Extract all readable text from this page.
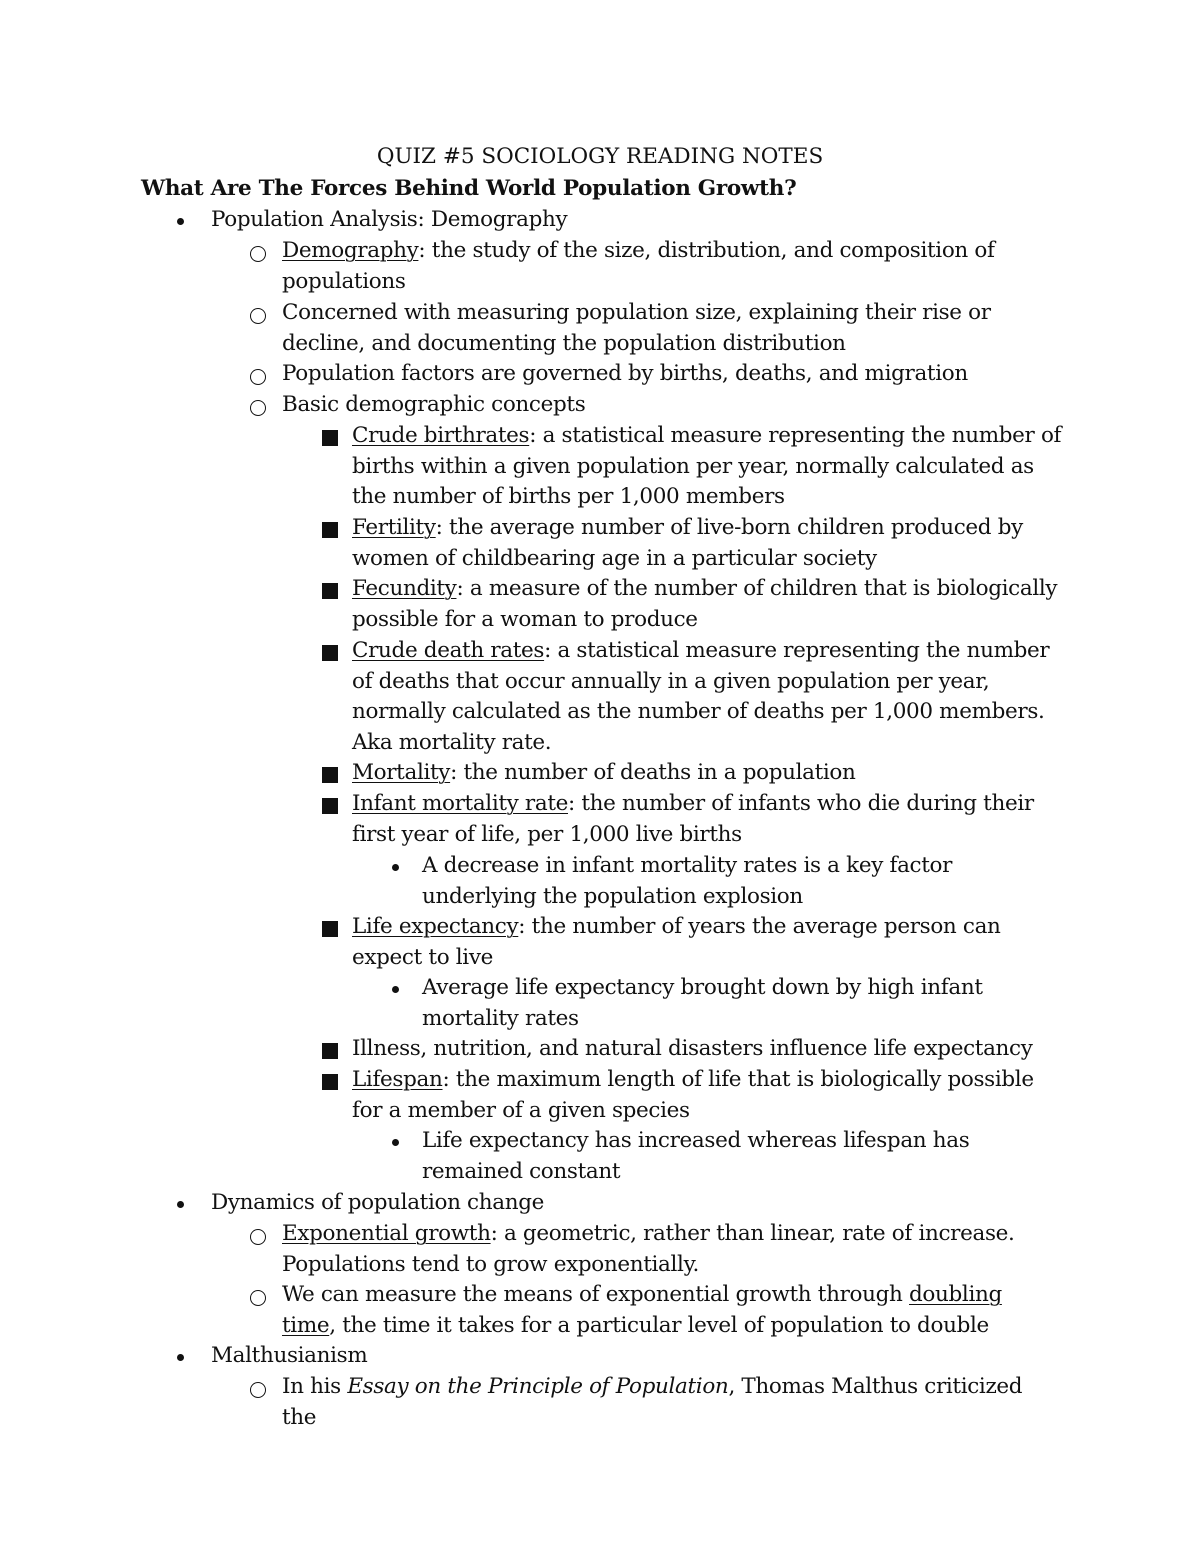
QUIZ #5 SOCIOLOGY READING NOTES
What Are The Forces Behind World Population Growth?
Population Analysis: Demography
Demography: the study of the size, distribution, and composition of populations
Concerned with measuring population size, explaining their rise or decline, and documenting the population distribution
Population factors are governed by births, deaths, and migration
Basic demographic concepts
Crude birthrates: a statistical measure representing the number of births within a given population per year, normally calculated as the number of births per 1,000 members
Fertility: the average number of live-born children produced by women of childbearing age in a particular society
Fecundity: a measure of the number of children that is biologically possible for a woman to produce
Crude death rates: a statistical measure representing the number of deaths that occur annually in a given population per year, normally calculated as the number of deaths per 1,000 members. Aka mortality rate.
Mortality: the number of deaths in a population
Infant mortality rate: the number of infants who die during their first year of life, per 1,000 live births
A decrease in infant mortality rates is a key factor underlying the population explosion
Life expectancy: the number of years the average person can expect to live
Average life expectancy brought down by high infant mortality rates
Illness, nutrition, and natural disasters influence life expectancy
Lifespan: the maximum length of life that is biologically possible for a member of a given species
Life expectancy has increased whereas lifespan has remained constant
Dynamics of population change
Exponential growth: a geometric, rather than linear, rate of increase. Populations tend to grow exponentially.
We can measure the means of exponential growth through doubling time, the time it takes for a particular level of population to double
Malthusianism
In his Essay on the Principle of Population, Thomas Malthus criticized the
